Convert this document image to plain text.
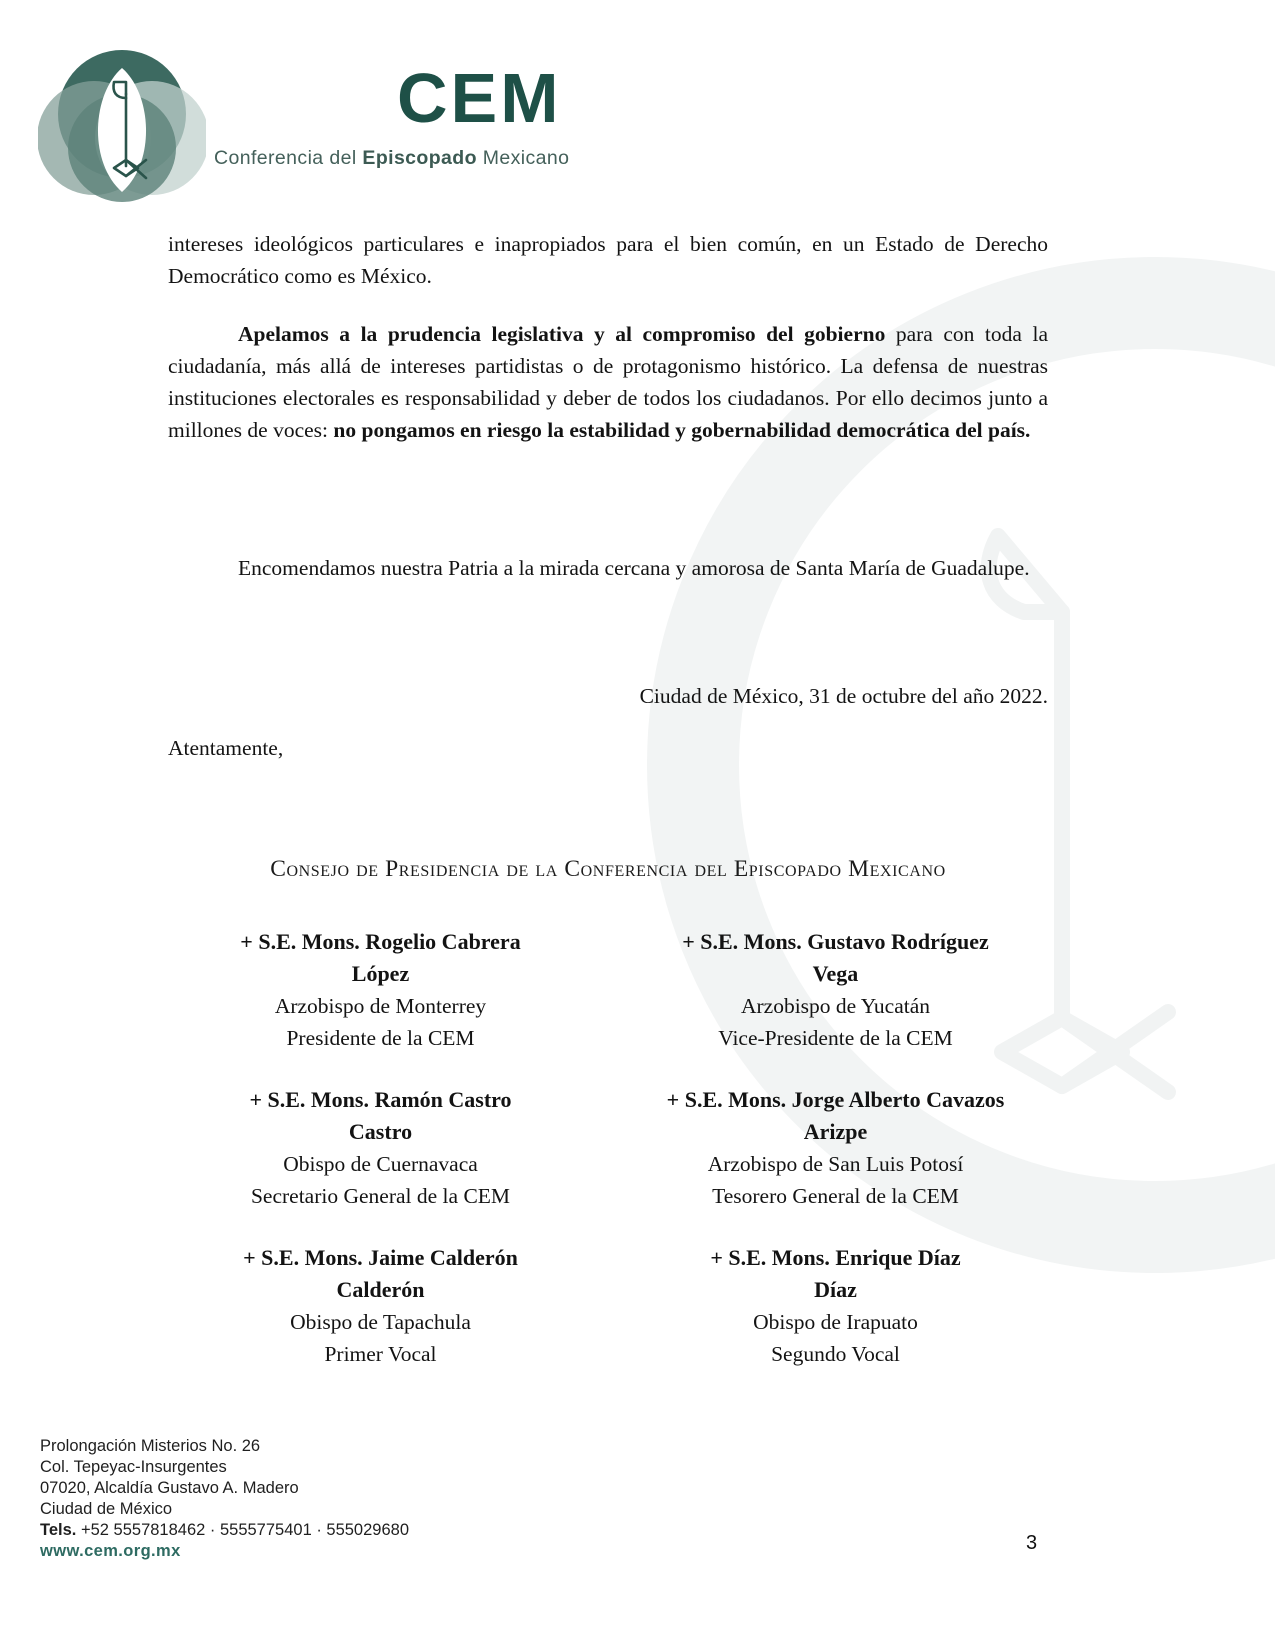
CEM
Conferencia del Episcopado Mexicano
intereses ideológicos particulares e inapropiados para el bien común, en un Estado de Derecho Democrático como es México.
Apelamos a la prudencia legislativa y al compromiso del gobierno para con toda la ciudadanía, más allá de intereses partidistas o de protagonismo histórico. La defensa de nuestras instituciones electorales es responsabilidad y deber de todos los ciudadanos. Por ello decimos junto a millones de voces: no pongamos en riesgo la estabilidad y gobernabilidad democrática del país.
Encomendamos nuestra Patria a la mirada cercana y amorosa de Santa María de Guadalupe.
Ciudad de México, 31 de octubre del año 2022.
Atentamente,
Consejo de Presidencia de la Conferencia del Episcopado Mexicano
+ S.E. Mons. Rogelio Cabrera
López
Arzobispo de Monterrey
Presidente de la CEM
+ S.E. Mons. Gustavo Rodríguez
Vega
Arzobispo de Yucatán
Vice-Presidente de la CEM
+ S.E. Mons. Ramón Castro
Castro
Obispo de Cuernavaca
Secretario General de la CEM
+ S.E. Mons. Jorge Alberto Cavazos
Arizpe
Arzobispo de San Luis Potosí
Tesorero General de la CEM
+ S.E. Mons. Jaime Calderón
Calderón
Obispo de Tapachula
Primer Vocal
+ S.E. Mons. Enrique Díaz
Díaz
Obispo de Irapuato
Segundo Vocal
Prolongación Misterios No. 26
Col. Tepeyac-Insurgentes
07020, Alcaldía Gustavo A. Madero
Ciudad de México
Tels. +52 5557818462 · 5555775401 · 555029680
www.cem.org.mx	3
